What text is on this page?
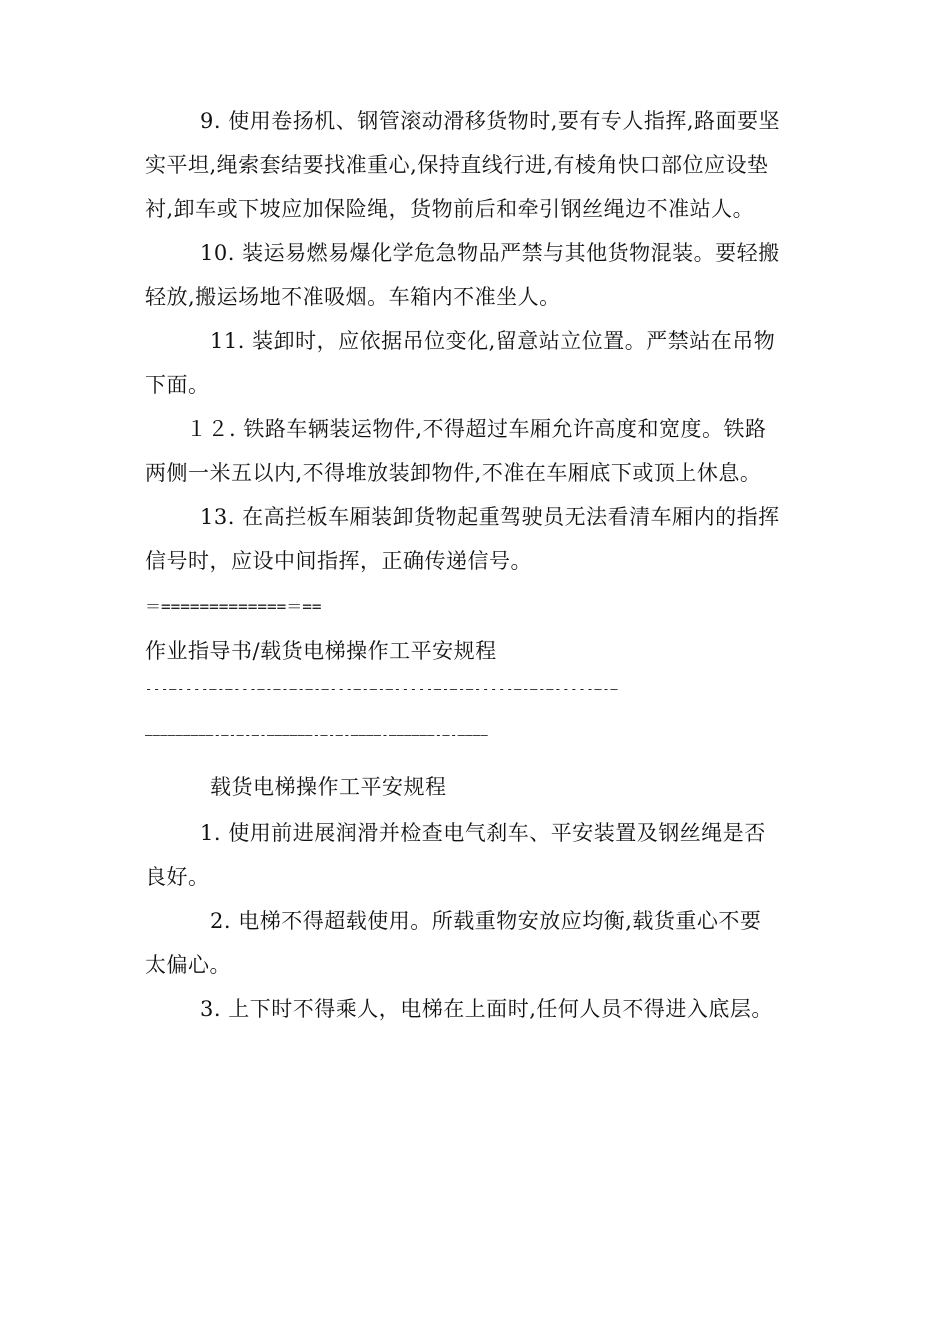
9. 使用卷扬机、钢管滚动滑移货物时,要有专人指挥,路面要坚
实平坦,绳索套结要找准重心,保持直线行进,有棱角快口部位应设垫
衬,卸车或下坡应加保险绳，货物前后和牵引钢丝绳边不准站人。
10. 装运易燃易爆化学危急物品严禁与其他货物混装。要轻搬
轻放,搬运场地不准吸烟。车箱内不准坐人。
11. 装卸时，应依据吊位变化,留意站立位置。严禁站在吊物
下面。
１２. 铁路车辆装运物件,不得超过车厢允许高度和宽度。铁路
两侧一米五以内,不得堆放装卸物件,不准在车厢底下或顶上休息。
13. 在高拦板车厢装卸货物起重驾驶员无法看清车厢内的指挥
信号时，应设中间指挥，正确传递信号。
＝=============＝==
作业指导书/载货电梯操作工平安规程
---—----—-—---—-—-—-—-—---—-—-—-----—-—-—-----—-—-—-----—-—
—————————-—-—-—-——————-—-—-————-——————-—-————
载货电梯操作工平安规程
1. 使用前进展润滑并检查电气刹车、平安装置及钢丝绳是否
良好。
2. 电梯不得超载使用。所载重物安放应均衡,载货重心不要
太偏心。
3. 上下时不得乘人，电梯在上面时,任何人员不得进入底层。
